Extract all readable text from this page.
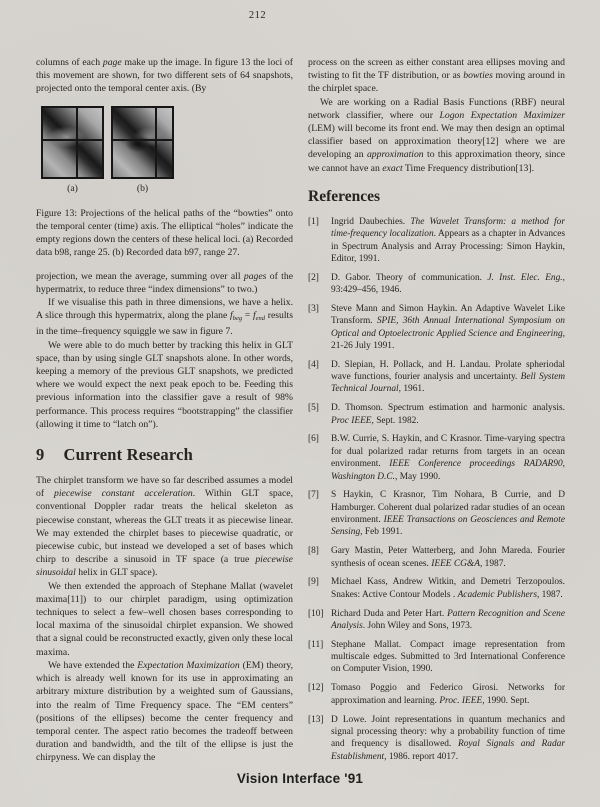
212

columns of each page make up the image. In figure 13 the loci of this movement are shown, for two different sets of 64 snapshots, projected onto the temporal center axis. (By

(a)	(b)

Figure 13: Projections of the helical paths of the “bowties” onto the temporal center (time) axis. The elliptical “holes” indicate the empty regions down the centers of these helical loci. (a) Recorded data b98, range 25. (b) Recorded data b97, range 27.

projection, we mean the average, summing over all pages of the hypermatrix, to reduce three “index dimensions” to two.)

If we visualise this path in three dimensions, we have a helix. A slice through this hypermatrix, along the plane $f_{beg} = f_{end}$ results in the time–frequency squiggle we saw in figure 7.

We were able to do much better by tracking this helix in GLT space, than by using single GLT snapshots alone. In other words, keeping a memory of the previous GLT snapshots, we predicted where we would expect the next peak epoch to be. Feeding this previous information into the classifier gave a result of 98% performance. This process requires “bootstrapping” the classifier (allowing it time to “latch on”).

9 Current Research

The chirplet transform we have so far described assumes a model of piecewise constant acceleration. Within GLT space, conventional Doppler radar treats the helical skeleton as piecewise constant, whereas the GLT treats it as piecewise linear. We may extended the chirplet bases to piecewise quadratic, or piecewise cubic, but instead we developed a set of bases which chirp to describe a sinusoid in TF space (a true piecewise sinusoidal helix in GLT space).

We then extended the approach of Stephane Mallat (wavelet maxima[11]) to our chirplet paradigm, using optimization techniques to select a few–well chosen bases corresponding to local maxima of the sinusoidal chirplet expansion. We showed that a signal could be reconstructed exactly, given only these local maxima.

We have extended the Expectation Maximization (EM) theory, which is already well known for its use in approximating an arbitrary mixture distribution by a weighted sum of Gaussians, into the realm of Time Frequency space. The “EM centers” (positions of the ellipses) become the center frequency and temporal center. The aspect ratio becomes the tradeoff between duration and bandwidth, and the tilt of the ellipse is just the chirpyness. We can display the

process on the screen as either constant area ellipses moving and twisting to fit the TF distribution, or as bowties moving around in the chirplet space.

We are working on a Radial Basis Functions (RBF) neural network classifier, where our Logon Expectation Maximizer (LEM) will become its front end. We may then design an optimal classifier based on approximation theory[12] where we are developing an approximation to this approximation theory, since we cannot have an exact Time Frequency distribution[13].

References
[1]	Ingrid Daubechies. The Wavelet Transform: a method for time-frequency localization. Appears as a chapter in Advances in Spectrum Analysis and Array Processing: Simon Haykin, Editor, 1991.
[2]	D. Gabor. Theory of communication. J. Inst. Elec. Eng., 93:429–456, 1946.
[3]	Steve Mann and Simon Haykin. An Adaptive Wavelet Like Transform. SPIE, 36th Annual International Symposium on Optical and Optoelectronic Applied Science and Engineering, 21-26 July 1991.
[4]	D. Slepian, H. Pollack, and H. Landau. Prolate spheriodal wave functions, fourier analysis and uncertainty. Bell System Technical Journal, 1961.
[5]	D. Thomson. Spectrum estimation and harmonic analysis. Proc IEEE, Sept. 1982.
[6]	B.W. Currie, S. Haykin, and C Krasnor. Time-varying spectra for dual polarized radar returns from targets in an ocean environment. IEEE Conference proceedings RADAR90, Washington D.C., May 1990.
[7]	S Haykin, C Krasnor, Tim Nohara, B Currie, and D Hamburger. Coherent dual polarized radar studies of an ocean environment. IEEE Transactions on Geosciences and Remote Sensing, Feb 1991.
[8]	Gary Mastin, Peter Watterberg, and John Mareda. Fourier synthesis of ocean scenes. IEEE CG&A, 1987.
[9]	Michael Kass, Andrew Witkin, and Demetri Terzopoulos. Snakes: Active Contour Models . Academic Publishers, 1987.
[10] Richard Duda and Peter Hart. Pattern Recognition and Scene Analysis. John Wiley and Sons, 1973.
[11] Stephane Mallat. Compact image representation from multiscale edges. Submitted to 3rd International Conference on Computer Vision, 1990.
[12] Tomaso Poggio and Federico Girosi. Networks for approximation and learning. Proc. IEEE, 1990. Sept.
[13] D Lowe. Joint representations in quantum mechanics and signal processing theory: why a probability function of time and frequency is disallowed. Royal Signals and Radar Establishment, 1986. report 4017.
Vision Interface '91
